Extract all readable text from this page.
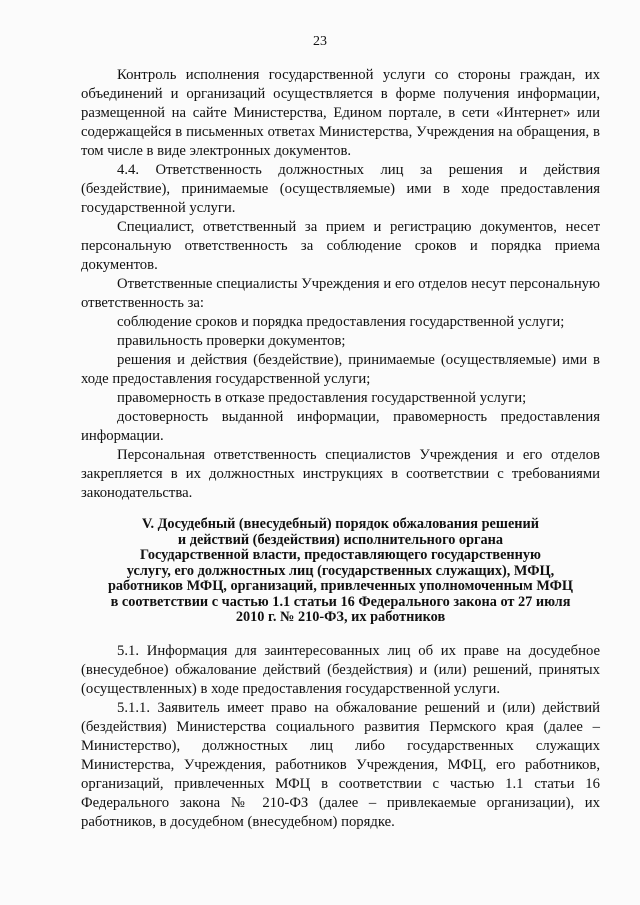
23

Контроль исполнения государственной услуги со стороны граждан, их объединений и организаций осуществляется в форме получения информации, размещенной на сайте Министерства, Едином портале, в сети «Интернет» или содержащейся в письменных ответах Министерства, Учреждения на обращения, в том числе в виде электронных документов.

4.4. Ответственность должностных лиц за решения и действия (бездействие), принимаемые (осуществляемые) ими в ходе предоставления государственной услуги.

Специалист, ответственный за прием и регистрацию документов, несет персональную ответственность за соблюдение сроков и порядка приема документов.

Ответственные специалисты Учреждения и его отделов несут персональную ответственность за:

соблюдение сроков и порядка предоставления государственной услуги;

правильность проверки документов;

решения и действия (бездействие), принимаемые (осуществляемые) ими в ходе предоставления государственной услуги;

правомерность в отказе предоставления государственной услуги;

достоверность выданной информации, правомерность предоставления информации.

Персональная ответственность специалистов Учреждения и его отделов закрепляется в их должностных инструкциях в соответствии с требованиями законодательства.

V. Досудебный (внесудебный) порядок обжалования решений
и действий (бездействия) исполнительного органа
Государственной власти, предоставляющего государственную
услугу, его должностных лиц (государственных служащих), МФЦ,
работников МФЦ, организаций, привлеченных уполномоченным МФЦ
в соответствии с частью 1.1 статьи 16 Федерального закона от 27 июля
2010 г. № 210-ФЗ, их работников

5.1. Информация для заинтересованных лиц об их праве на досудебное (внесудебное) обжалование действий (бездействия) и (или) решений, принятых (осуществленных) в ходе предоставления государственной услуги.

5.1.1. Заявитель имеет право на обжалование решений и (или) действий (бездействия) Министерства социального развития Пермского края (далее – Министерство), должностных лиц либо государственных служащих Министерства, Учреждения, работников Учреждения, МФЦ, его работников, организаций, привлеченных МФЦ в соответствии с частью 1.1 статьи 16 Федерального закона № 210-ФЗ (далее – привлекаемые организации), их работников, в досудебном (внесудебном) порядке.
